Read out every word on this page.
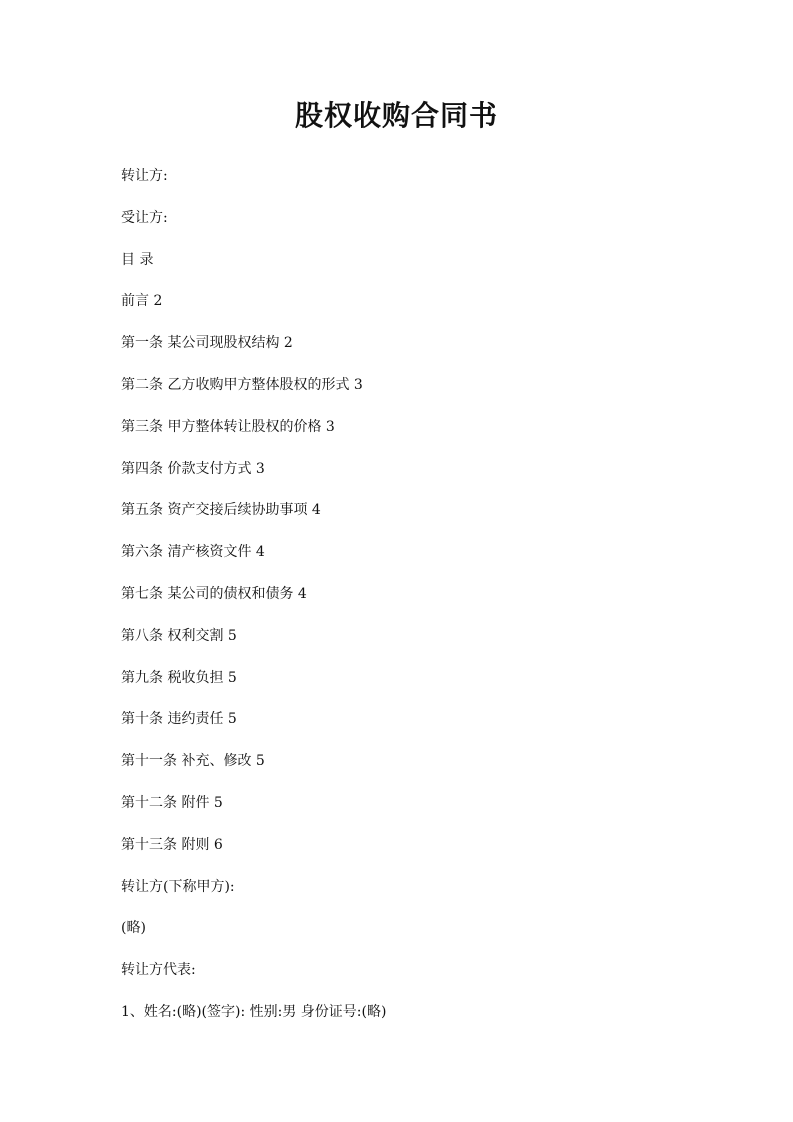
股权收购合同书

转让方:

受让方:

目 录

前言 2

第一条 某公司现股权结构 2

第二条 乙方收购甲方整体股权的形式 3

第三条 甲方整体转让股权的价格 3

第四条 价款支付方式 3

第五条 资产交接后续协助事项 4

第六条 清产核资文件 4

第七条 某公司的债权和债务 4

第八条 权利交割 5

第九条 税收负担 5

第十条 违约责任 5

第十一条 补充、修改 5

第十二条 附件 5

第十三条 附则 6

转让方(下称甲方):

(略)

转让方代表:

1、姓名:(略)(签字): 性别:男 身份证号:(略)
